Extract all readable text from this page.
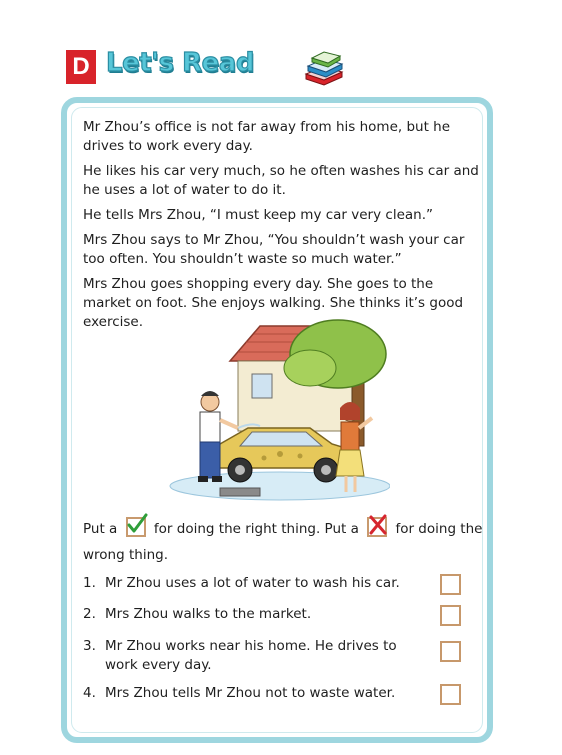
D Let's Read

Mr Zhou’s office is not far away from his home, but he drives to work every day.

He likes his car very much, so he often washes his car and he uses a lot of water to do it.

He tells Mrs Zhou, “I must keep my car very clean.”

Mrs Zhou says to Mr Zhou, “You shouldn’t wash your car too often. You shouldn’t waste so much water.”

Mrs Zhou goes shopping every day. She goes to the market on foot. She enjoys walking. She thinks it’s good exercise.

Put a	for doing the right thing. Put a	for doing the wrong thing.
1. Mr Zhou uses a lot of water to wash his car.
2. Mrs Zhou walks to the market.
3. Mr Zhou works near his home. He drives to work every day.
4. Mrs Zhou tells Mr Zhou not to waste water.
